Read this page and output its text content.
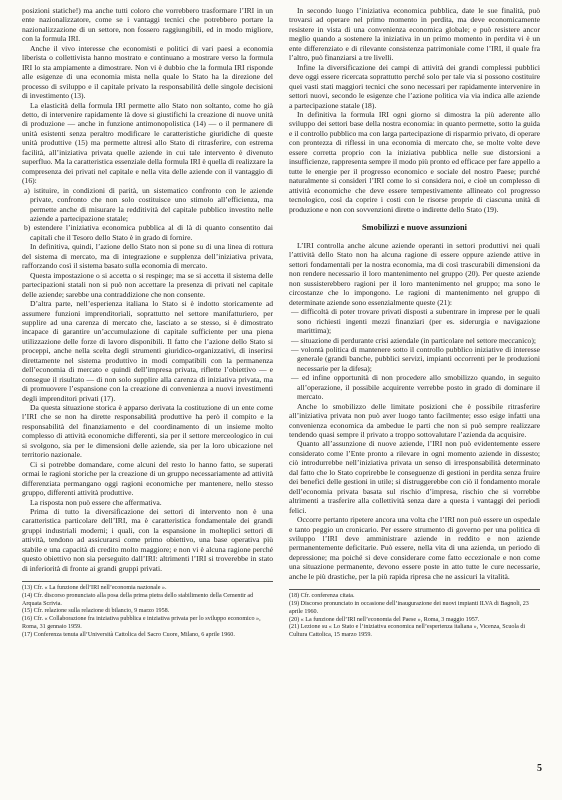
posizioni statiche!) ma anche tutti coloro che vorrebbero trasformare l’IRI in un ente nazionalizzatore, come se i vantaggi tecnici che potrebbero portare la nazionalizzazione di un settore, non fossero raggiungibili, ed in modo migliore, con la formula IRI.

Anche il vivo interesse che economisti e politici di vari paesi a economia liberista o collettivista hanno mostrato e continuano a mostrare verso la formula IRI lo sta ampiamente a dimostrare. Non vi è dubbio che la formula IRI risponde alle esigenze di una economia mista nella quale lo Stato ha la direzione del processo di sviluppo e il capitale privato la responsabilità delle singole decisioni di investimento (13).

La elasticità della formula IRI permette allo Stato non soltanto, come ho già detto, di intervenire rapidamente là dove si giustifichi la creazione di nuove unità di produzione — anche in funzione antimonopolistica (14) — o il permanere di unità esistenti senza peraltro modificare le caratteristiche giuridiche di queste unità produttive (15) ma permette altresì allo Stato di ritrasferire, con estrema facilità, all’iniziativa privata quelle aziende in cui tale intervento è divenuto superfluo. Ma la caratteristica essenziale della formula IRI è quella di realizzare la compresenza dei privati nel capitale e nella vita delle aziende con il vantaggio di (16):

a) istituire, in condizioni di parità, un sistematico confronto con le aziende private, confronto che non solo costituisce uno stimolo all’efficienza, ma permette anche di misurare la redditività del capitale pubblico investito nelle aziende a partecipazione statale;

b) estendere l’iniziativa economica pubblica al di là di quanto consentito dai capitali che il Tesoro dello Stato è in grado di fornire.

In definitiva, quindi, l’azione dello Stato non si pone su di una linea di rottura del sistema di mercato, ma di integrazione e supplenza dell’iniziativa privata, rafforzando così il sistema basato sulla economia di mercato.

Questa impostazione o si accetta o si respinge; ma se si accetta il sistema delle partecipazioni statali non si può non accettare la presenza di privati nel capitale delle aziende; sarebbe una contraddizione che non consente.

D’altra parte, nell’esperienza italiana lo Stato si è indotto storicamente ad assumere funzioni imprenditoriali, soprattutto nel settore manifatturiero, per supplire ad una carenza di mercato che, lasciato a se stesso, si è dimostrato incapace di garantire un’accumulazione di capitale sufficiente per una piena utilizzazione delle forze di lavoro disponibili. Il fatto che l’azione dello Stato si proceppi, anche nella scelta degli strumenti giuridico-organizzativi, di inserirsi direttamente nel sistema produttivo in modi compatibili con la permanenza dell’economia di mercato e quindi dell’impresa privata, riflette l’obiettivo — e consegue il risultato — di non solo supplire alla carenza di iniziativa privata, ma di promuovere l’espansione con la creazione di convenienza a nuovi investimenti degli imprenditori privati (17).

Da questa situazione storica è apparso derivata la costituzione di un ente come l’IRI che se non ha dirette responsabilità produttive ha però il compito e la responsabilità del finanziamento e del coordinamento di un insieme molto complesso di attività economiche differenti, sia per il settore merceologico in cui si svolgono, sia per le dimensioni delle aziende, sia per la loro ubicazione nel territorio nazionale.

Ci si potrebbe domandare, come alcuni del resto lo hanno fatto, se superati ormai le ragioni storiche per la creazione di un gruppo necessariamente ad attività differenziata permangano oggi ragioni economiche per mantenere, nello stesso gruppo, differenti attività produttive.

La risposta non può essere che affermativa.

Prima di tutto la diversificazione dei settori di intervento non è una caratteristica particolare dell’IRI, ma è caratteristica fondamentale dei grandi gruppi industriali moderni; i quali, con la espansione in molteplici settori di attività, tendono ad assicurarsi come primo obiettivo, una base operativa più stabile e una capacità di credito molto maggiore; e non vi è alcuna ragione perché questo obiettivo non sia perseguito dall’IRI: altrimenti l’IRI si troverebbe in stato di inferiorità di fronte ai grandi gruppi privati.

(13) Cfr. « La funzione dell’IRI nell’economia nazionale ».

(14) Cfr. discorso pronunciato alla posa della prima pietra dello stabilimento della Cementir ad Arquata Scrivia.

(15) Cfr. relazione sulla relazione di bilancio, 9 marzo 1958.

(16) Cfr. « Collaborazione fra iniziativa pubblica e iniziativa privata per lo sviluppo economico », Roma, 31 gennaio 1959.

(17) Conferenza tenuta all’Università Cattolica del Sacro Cuore, Milano, 6 aprile 1960.

In secondo luogo l’iniziativa economica pubblica, date le sue finalità, può trovarsi ad operare nel primo momento in perdita, ma deve economicamente resistere in vista di una convenienza economica globale; e può resistere ancor meglio quando a sostenere la iniziativa in un primo momento in perdita vi è un ente differenziato e di rilevante consistenza patrimoniale come l’IRI, il quale fra l’altro, può finanziarsi a tre livelli.

Infine la diversificazione dei campi di attività dei grandi complessi pubblici deve oggi essere ricercata soprattutto perché solo per tale via si possono costituire quei vasti stati maggiori tecnici che sono necessari per rapidamente intervenire in settori nuovi, secondo le esigenze che l’azione politica via via indica alle aziende a partecipazione statale (18).

In definitiva la formula IRI ogni giorno si dimostra la più aderente allo sviluppo dei settori base della nostra economia: in quanto permette, sotto la guida e il controllo pubblico ma con larga partecipazione di risparmio privato, di operare con prontezza di riflessi in una economia di mercato che, se molte volte deve essere corretta proprio con la iniziativa pubblica nelle sue distorsioni a insufficienze, rappresenta sempre il modo più pronto ed efficace per fare appello a tutte le energie per il progresso economico e sociale del nostro Paese; purché naturalmente si consideri l’IRI come lo si considera noi, e cioè un complesso di attività economiche che deve essere tempestivamente allineato col progresso tecnologico, così da coprire i costi con le risorse proprie di ciascuna unità di produzione e non con sovvenzioni dirette o indirette dello Stato (19).

Smobilizzi e nuove assunzioni

L’IRI controlla anche alcune aziende operanti in settori produttivi nei quali l’attività dello Stato non ha alcuna ragione di essere oppure aziende attive in settori fondamentali per la nostra economia, ma di così trascurabili dimensioni da non rendere necessario il loro mantenimento nel gruppo (20). Per queste aziende non sussisterebbero ragioni per il loro mantenimento nel gruppo; ma sono le circostanze che lo impongono. Le ragioni di mantenimento nel gruppo di determinate aziende sono essenzialmente queste (21):

— difficoltà di poter trovare privati disposti a subentrare in imprese per le quali sono richiesti ingenti mezzi finanziari (per es. siderurgia e navigazione marittima);

— situazione di perdurante crisi aziendale (in particolare nel settore meccanico);

— volontà politica di mantenere sotto il controllo pubblico iniziative di interesse generale (grandi banche, pubblici servizi, impianti occorrenti per le produzioni necessarie per la difesa);

— ed infine opportunità di non procedere allo smobilizzo quando, in seguito all’operazione, il possibile acquirente verrebbe posto in grado di dominare il mercato.

Anche lo smobilizzo delle limitate posizioni che è possibile ritrasferire all’iniziativa privata non può aver luogo tanto facilmente; esso esige infatti una convenienza economica da ambedue le parti che non si può sempre realizzare tendendo quasi sempre il privato a troppo sottovalutare l’azienda da acquisire.

Quanto all’assunzione di nuove aziende, l’IRI non può evidentemente essere considerato come l’Ente pronto a rilevare in ogni momento aziende in dissesto; ciò introdurrebbe nell’iniziativa privata un senso di irresponsabilità determinato dal fatto che lo Stato coprirebbe le conseguenze di gestioni in perdita senza fruire dei benefici delle gestioni in utile; si distruggerebbe con ciò il fondamento morale dell’economia privata basata sul rischio d’impresa, rischio che si vorrebbe altrimenti a trasferire alla collettività senza dare a questa i vantaggi dei periodi felici.

Occorre pertanto ripetere ancora una volta che l’IRI non può essere un ospedale e tanto peggio un cronicario. Per essere strumento di governo per una politica di sviluppo l’IRI deve amministrare aziende in reddito e non aziende permanentemente deficitarie. Può essere, nella vita di una azienda, un periodo di depressione; ma poiché si deve considerare come fatto eccezionale e non come una situazione permanente, devono essere poste in atto tutte le cure necessarie, anche le più drastiche, per la più rapida ripresa che ne assicuri la vitalità.

(18) Cfr. conferenza citata.

(19) Discorso pronunciato in occasione dell’inaugurazione dei nuovi impianti ILVA di Bagnoli, 23 aprile 1960.

(20) « La funzione dell’IRI nell’economia del Paese », Roma, 3 maggio 1957.

(21) Lezione su « Lo Stato e l’iniziativa economica nell’esperienza italiana », Vicenza, Scuola di Cultura Cattolica, 15 marzo 1959.

5
